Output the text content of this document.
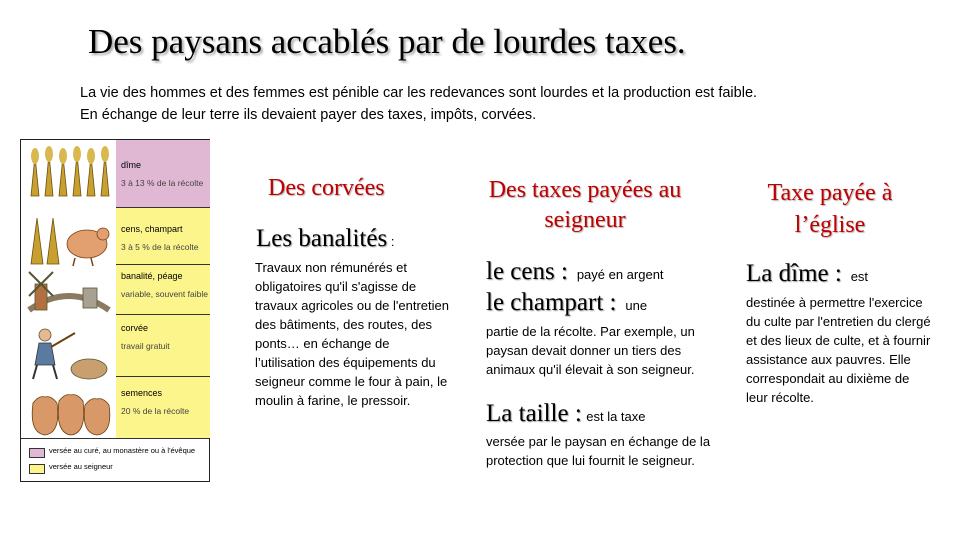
Des paysans accablés par de lourdes taxes.

La vie des hommes et des femmes est pénible car les redevances sont lourdes et la production est faible.

En échange de leur terre ils devaient payer des taxes, impôts, corvées.

dîme
3 à 13 % de la récolte
cens, champart
3 à 5 % de la récolte
banalité, péage
variable, souvent faible
corvée
travail gratuit
semences
20 % de la récolte
versée au curé, au monastère ou à l'évêque
versée au seigneur
Des corvées

Les banalités :

Travaux non rémunérés et obligatoires qu'il s'agisse de travaux agricoles ou de l'entretien des bâtiments, des routes, des ponts… en échange de l’utilisation des équipements du seigneur comme le four à pain, le moulin à farine, le pressoir.

Des taxes payées au seigneur

le cens : payé en argent

le champart : une

partie de la récolte. Par exemple, un paysan devait donner un tiers des animaux qu'il élevait à son seigneur.

La taille : est la taxe

versée par le paysan en échange de la protection que lui fournit le seigneur.

Taxe payée à l’église

La dîme : est

destinée à permettre l'exercice du culte par l'entretien du clergé et des lieux de culte, et à fournir assistance aux pauvres. Elle correspondait au dixième de leur récolte.
